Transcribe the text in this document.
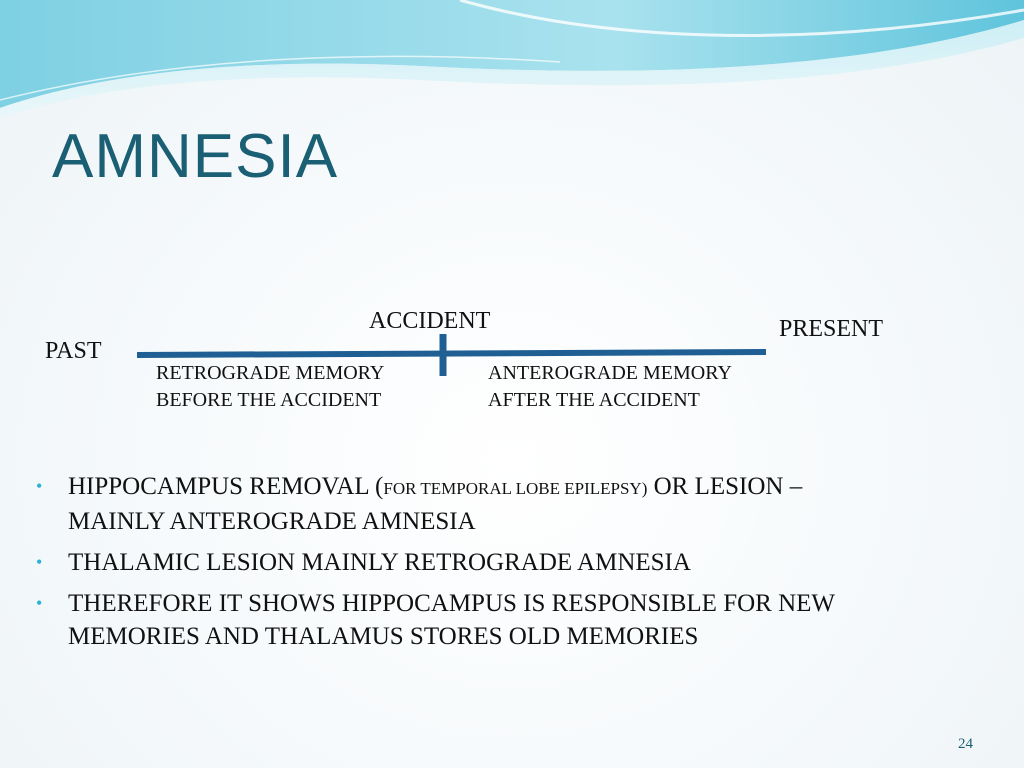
AMNESIA
PAST
ACCIDENT	PRESENT
RETROGRADE MEMORY
BEFORE THE ACCIDENT
ANTEROGRADE MEMORY
AFTER THE ACCIDENT
• HIPPOCAMPUS REMOVAL (FOR TEMPORAL LOBE EPILEPSY) OR LESION –
MAINLY ANTEROGRADE AMNESIA
• THALAMIC LESION MAINLY RETROGRADE AMNESIA
• THEREFORE IT SHOWS HIPPOCAMPUS IS RESPONSIBLE FOR NEW
MEMORIES AND THALAMUS STORES OLD MEMORIES
24
